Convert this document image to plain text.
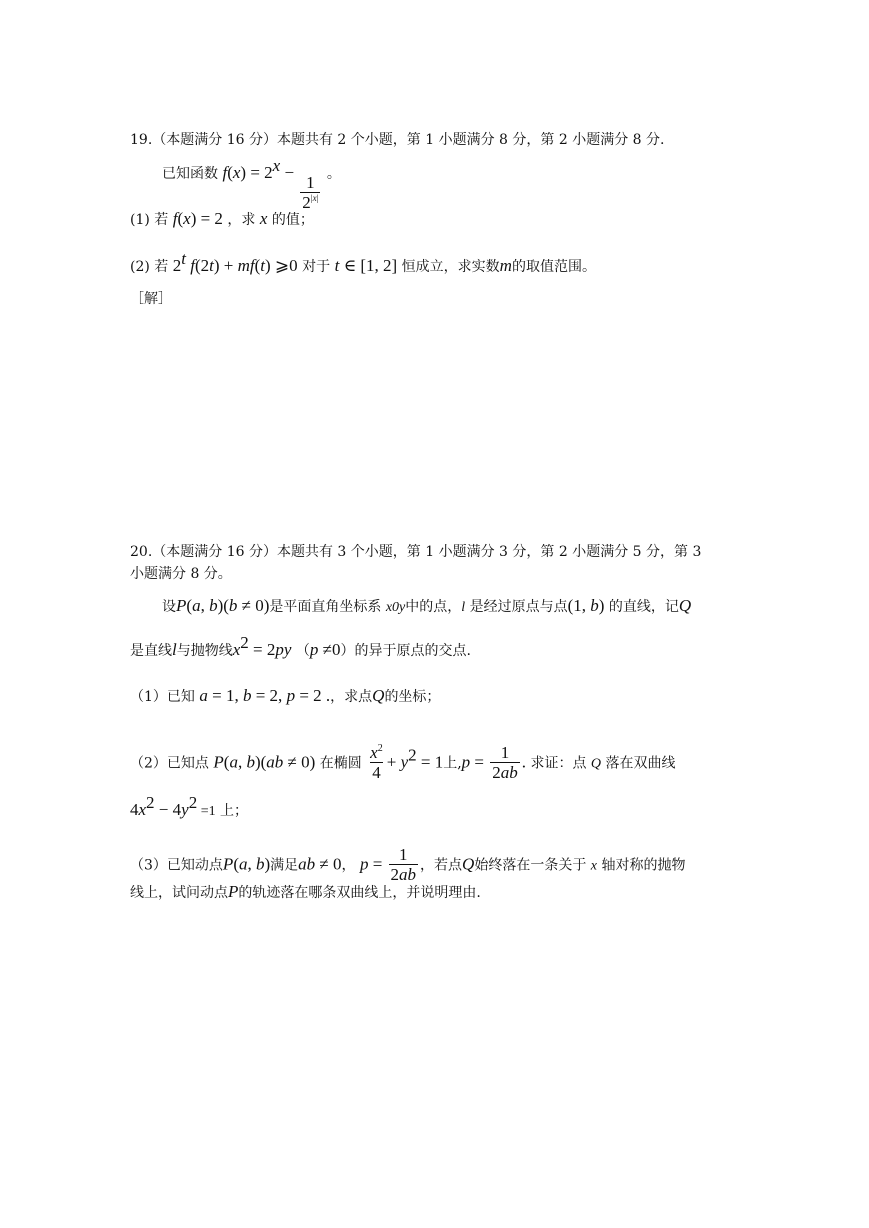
19.（本题满分 16 分）本题共有 2 个小题，第 1 小题满分 8 分，第 2 小题满分 8 分.
已知函数 $f(x) = 2^x$ −
$\frac{1}{2^{|x|}}$ 。
(1) 若 f(x) = 2 ，求 x 的值；
(2) 若 2$^t$ f(2t) + mf(t) ⩾0 对于 t ∈ [1, 2] 恒成立，求实数m的取值范围。
［解］
20.（本题满分 16 分）本题共有 3 个小题，第 1 小题满分 3 分，第 2 小题满分 5 分，第 3
小题满分 8 分。
设P(a, b)(b ≠ 0)是平面直角坐标系 x0y中的点，l 是经过原点与点(1, b) 的直线，记Q
是直线l与抛物线$x^2 = 2py$ （p ≠0）的异于原点的交点.
（1）已知 a = 1, b = 2, p = 2 .，求点Q的坐标；
（2）已知点 P(a, b)(ab ≠ 0) 在椭圆 $\frac{x^2}{4} + y^2 = 1$上$,p = \frac{1}{2ab}$ . 求证：点 Q 落在双曲线
$4x^2 - 4y^2 =1$ 上；
（3）已知动点P(a, b)满足ab ≠ 0， $p = \frac{1}{2ab}$ ，若点Q始终落在一条关于 x 轴对称的抛物
线上，试问动点P的轨迹落在哪条双曲线上，并说明理由.
